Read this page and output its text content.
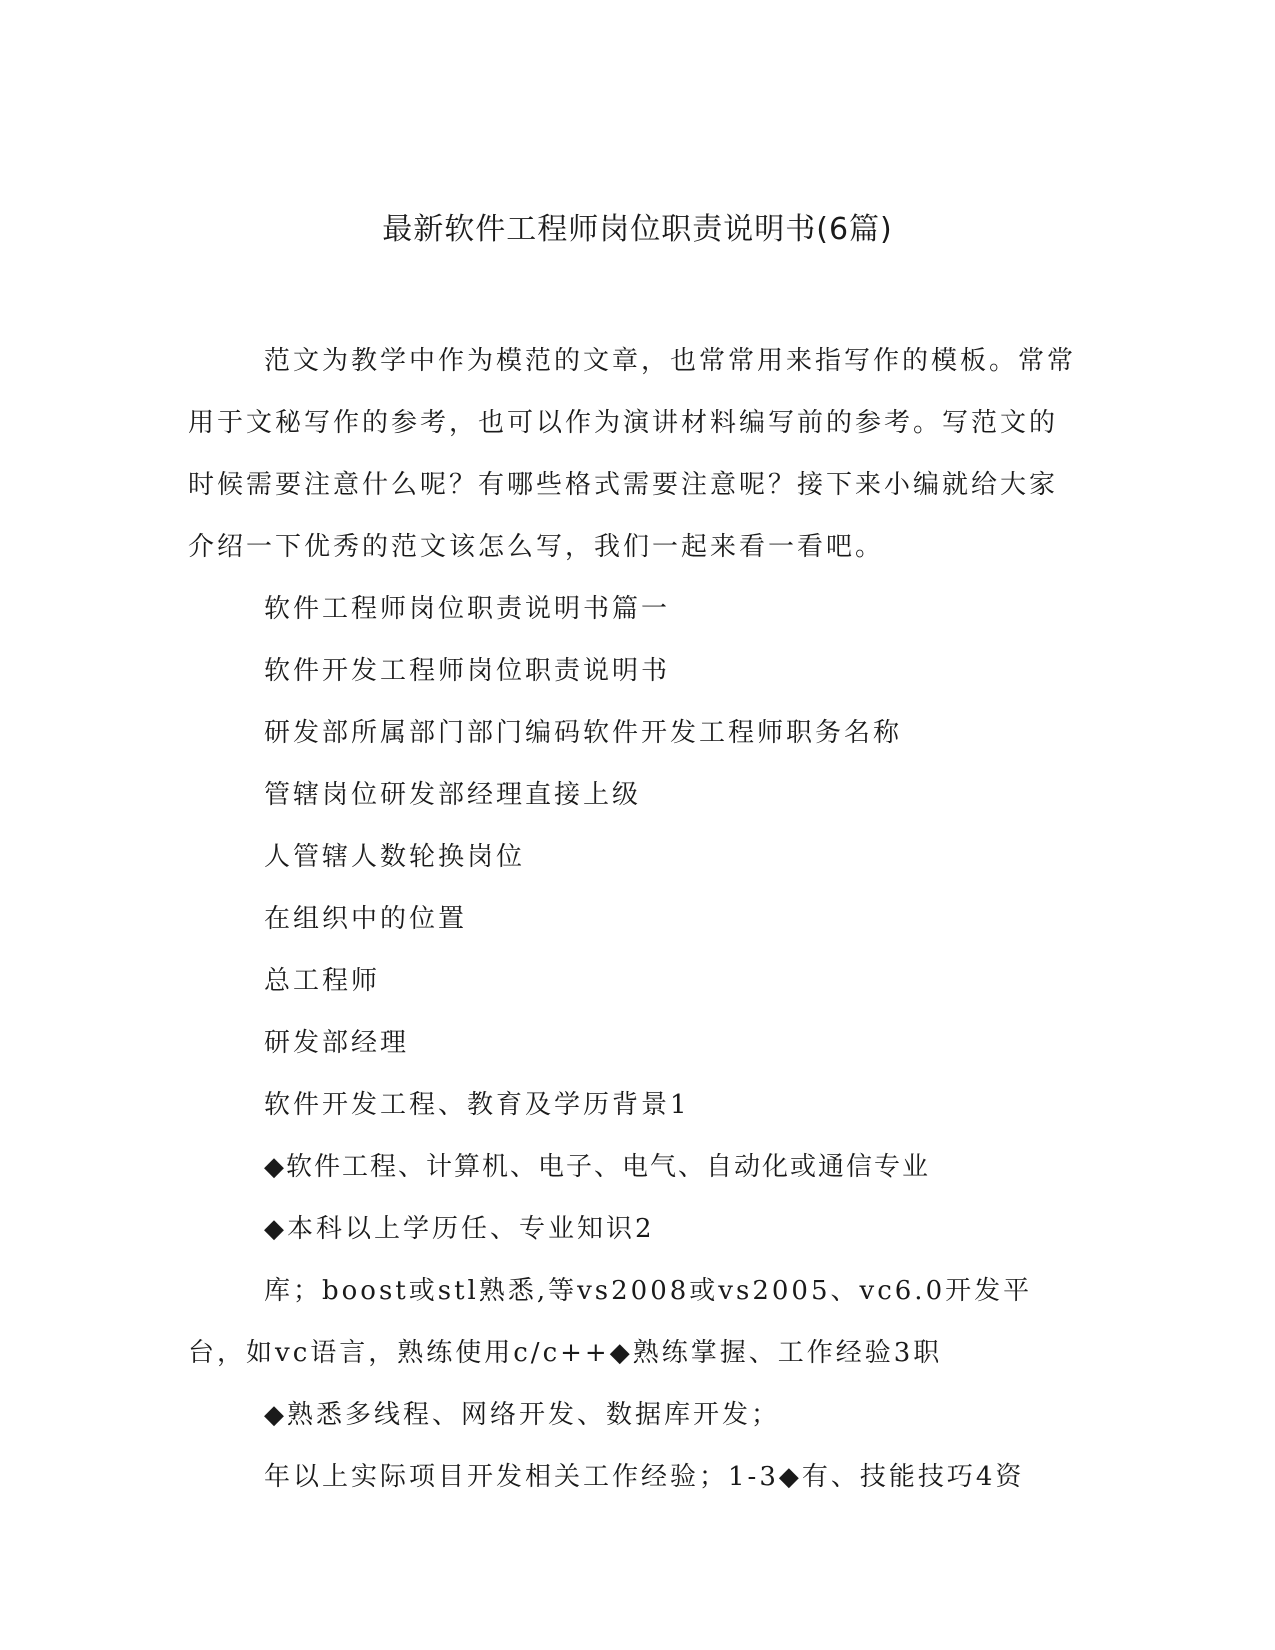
最新软件工程师岗位职责说明书(6篇)

范文为教学中作为模范的文章，也常常用来指写作的模板。常常用于文秘写作的参考，也可以作为演讲材料编写前的参考。写范文的时候需要注意什么呢？有哪些格式需要注意呢？接下来小编就给大家介绍一下优秀的范文该怎么写，我们一起来看一看吧。

软件工程师岗位职责说明书篇一

软件开发工程师岗位职责说明书

研发部所属部门部门编码软件开发工程师职务名称

管辖岗位研发部经理直接上级

人管辖人数轮换岗位

在组织中的位置

总工程师

研发部经理

软件开发工程、教育及学历背景1

◆软件工程、计算机、电子、电气、自动化或通信专业

◆本科以上学历任、专业知识2

库；boost或stl熟悉,等vs2008或vs2005、vc6.0开发平台，如vc语言，熟练使用c/c++◆熟练掌握、工作经验3职

◆熟悉多线程、网络开发、数据库开发；

年以上实际项目开发相关工作经验；1-3◆有、技能技巧4资
